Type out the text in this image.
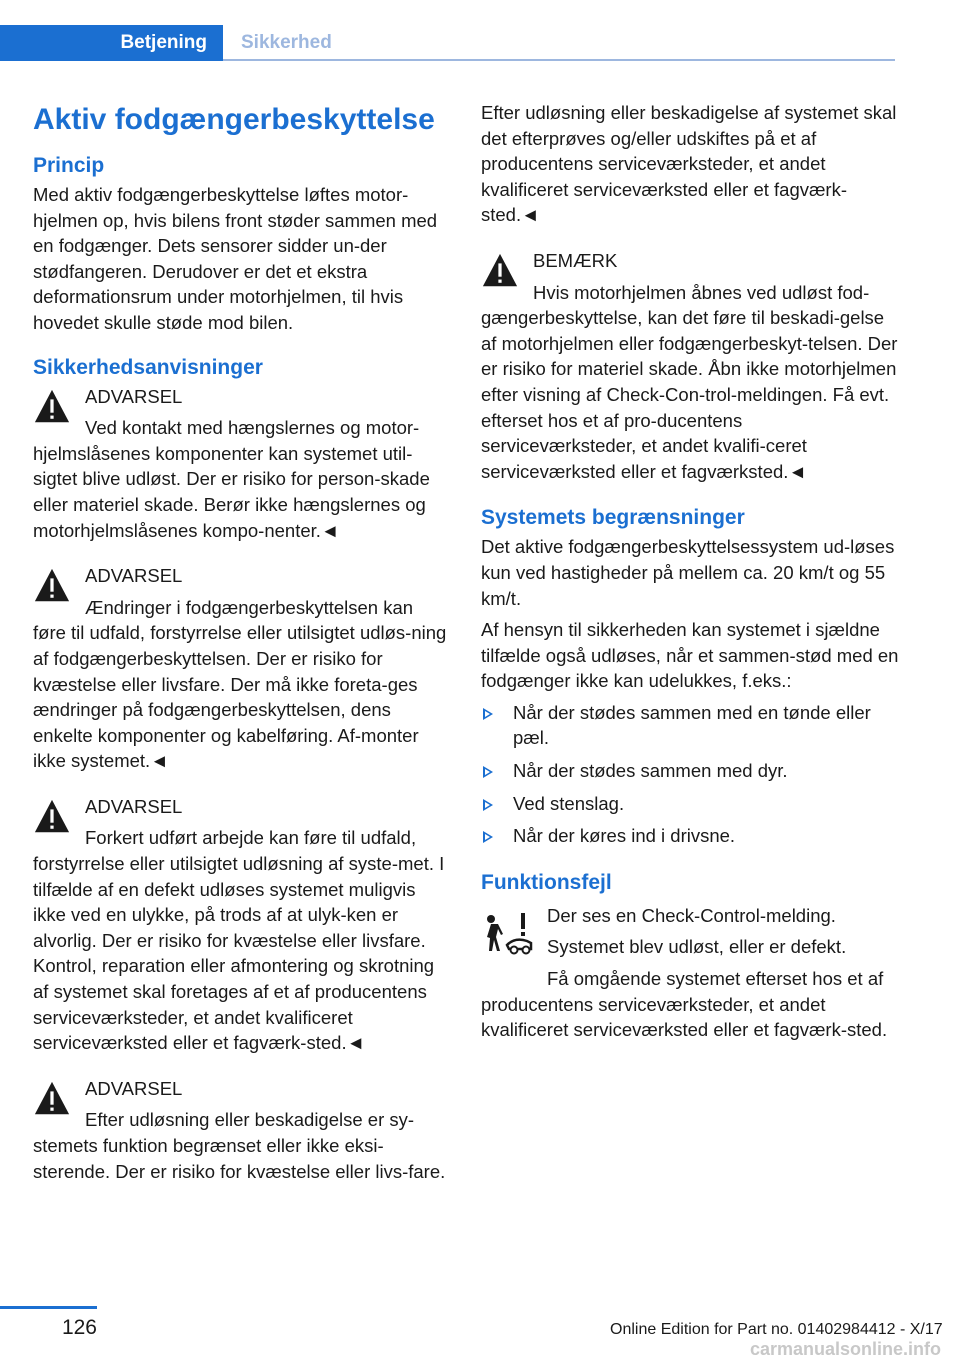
Betjening	Sikkerhed
Aktiv fodgængerbeskyttelse
Princip

Med aktiv fodgængerbeskyttelse løftes motor-hjelmen op, hvis bilens front støder sammen med en fodgænger. Dets sensorer sidder un-der stødfangeren. Derudover er det et ekstra deformationsrum under motorhjelmen, til hvis hovedet skulle støde mod bilen.

Sikkerhedsanvisninger
ADVARSEL
Ved kontakt med hængslernes og motor-hjelmslåsenes komponenter kan systemet util-sigtet blive udløst. Der er risiko for person-skade eller materiel skade. Berør ikke hængslernes og motorhjelmslåsenes kompo-nenter.◄
ADVARSEL
Ændringer i fodgængerbeskyttelsen kan føre til udfald, forstyrrelse eller utilsigtet udløs-ning af fodgængerbeskyttelsen. Der er risiko for kvæstelse eller livsfare. Der må ikke foreta-ges ændringer på fodgængerbeskyttelsen, dens enkelte komponenter og kabelføring. Af-monter ikke systemet.◄
ADVARSEL
Forkert udført arbejde kan føre til udfald, forstyrrelse eller utilsigtet udløsning af syste-met. I tilfælde af en defekt udløses systemet muligvis ikke ved en ulykke, på trods af at ulyk-ken er alvorlig. Der er risiko for kvæstelse eller livsfare. Kontrol, reparation eller afmontering og skrotning af systemet skal foretages af et af producentens serviceværksteder, et andet kvalificeret serviceværksted eller et fagværk-sted.◄
ADVARSEL
Efter udløsning eller beskadigelse er sy-stemets funktion begrænset eller ikke eksi-sterende. Der er risiko for kvæstelse eller livs-fare.

Efter udløsning eller beskadigelse af systemet skal det efterprøves og/eller udskiftes på et af producentens serviceværksteder, et andet kvalificeret serviceværksted eller et fagværk-sted.◄

BEMÆRK
Hvis motorhjelmen åbnes ved udløst fod-gængerbeskyttelse, kan det føre til beskadi-gelse af motorhjelmen eller fodgængerbeskyt-telsen. Der er risiko for materiel skade. Åbn ikke motorhjelmen efter visning af Check-Con-trol-meldingen. Få evt. efterset hos et af pro-ducentens serviceværksteder, et andet kvalifi-ceret serviceværksted eller et fagværksted.◄
Systemets begrænsninger

Det aktive fodgængerbeskyttelsessystem ud-løses kun ved hastigheder på mellem ca. 20 km/t og 55 km/t.

Af hensyn til sikkerheden kan systemet i sjældne tilfælde også udløses, når et sammen-stød med en fodgænger ikke kan udelukkes, f.eks.:

Når der stødes sammen med en tønde eller pæl.
Når der stødes sammen med dyr.
Ved stenslag.
Når der køres ind i drivsne.
Funktionsfejl
Der ses en Check-Control-melding.
Systemet blev udløst, eller er defekt.
Få omgående systemet efterset hos et af producentens serviceværksteder, et andet kvalificeret serviceværksted eller et fagværk-sted.
126	Online Edition for Part no. 01402984412 - X/17
carmanualsonline.info
